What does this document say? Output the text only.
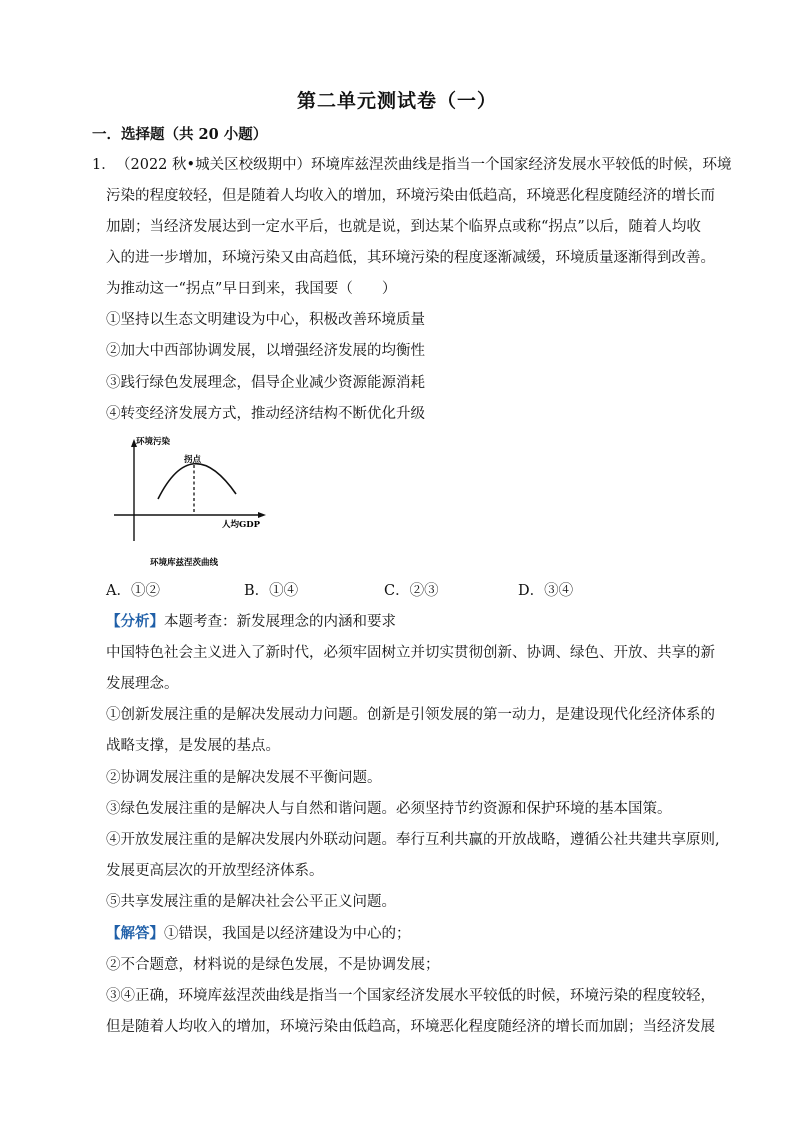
第二单元测试卷（一）
一．选择题（共 20 小题）
1． （2022 秋•城关区校级期中）环境库兹涅茨曲线是指当一个国家经济发展水平较低的时候，环境
污染的程度较轻，但是随着人均收入的增加，环境污染由低趋高，环境恶化程度随经济的增长而
加剧；当经济发展达到一定水平后，也就是说，到达某个临界点或称“拐点”以后，随着人均收
入的进一步增加，环境污染又由高趋低，其环境污染的程度逐渐减缓，环境质量逐渐得到改善。
为推动这一“拐点”早日到来，我国要（　　）
①坚持以生态文明建设为中心，积极改善环境质量
②加大中西部协调发展，以增强经济发展的均衡性
③践行绿色发展理念，倡导企业减少资源能源消耗
④转变经济发展方式，推动经济结构不断优化升级
环境污染
拐点
人均GDP
环境库兹涅茨曲线
A．①②	B．①④	C．②③	D．③④
【分析】本题考查：新发展理念的内涵和要求
中国特色社会主义进入了新时代，必须牢固树立并切实贯彻创新、协调、绿色、开放、共享的新
发展理念。
①创新发展注重的是解决发展动力问题。创新是引领发展的第一动力，是建设现代化经济体系的
战略支撑，是发展的基点。
②协调发展注重的是解决发展不平衡问题。
③绿色发展注重的是解决人与自然和谐问题。必须坚持节约资源和保护环境的基本国策。
④开放发展注重的是解决发展内外联动问题。奉行互利共赢的开放战略，遵循公社共建共享原则,
发展更高层次的开放型经济体系。
⑤共享发展注重的是解决社会公平正义问题。
【解答】①错误，我国是以经济建设为中心的；
②不合题意，材料说的是绿色发展，不是协调发展；
③④正确，环境库兹涅茨曲线是指当一个国家经济发展水平较低的时候，环境污染的程度较轻，
但是随着人均收入的增加，环境污染由低趋高，环境恶化程度随经济的增长而加剧；当经济发展
